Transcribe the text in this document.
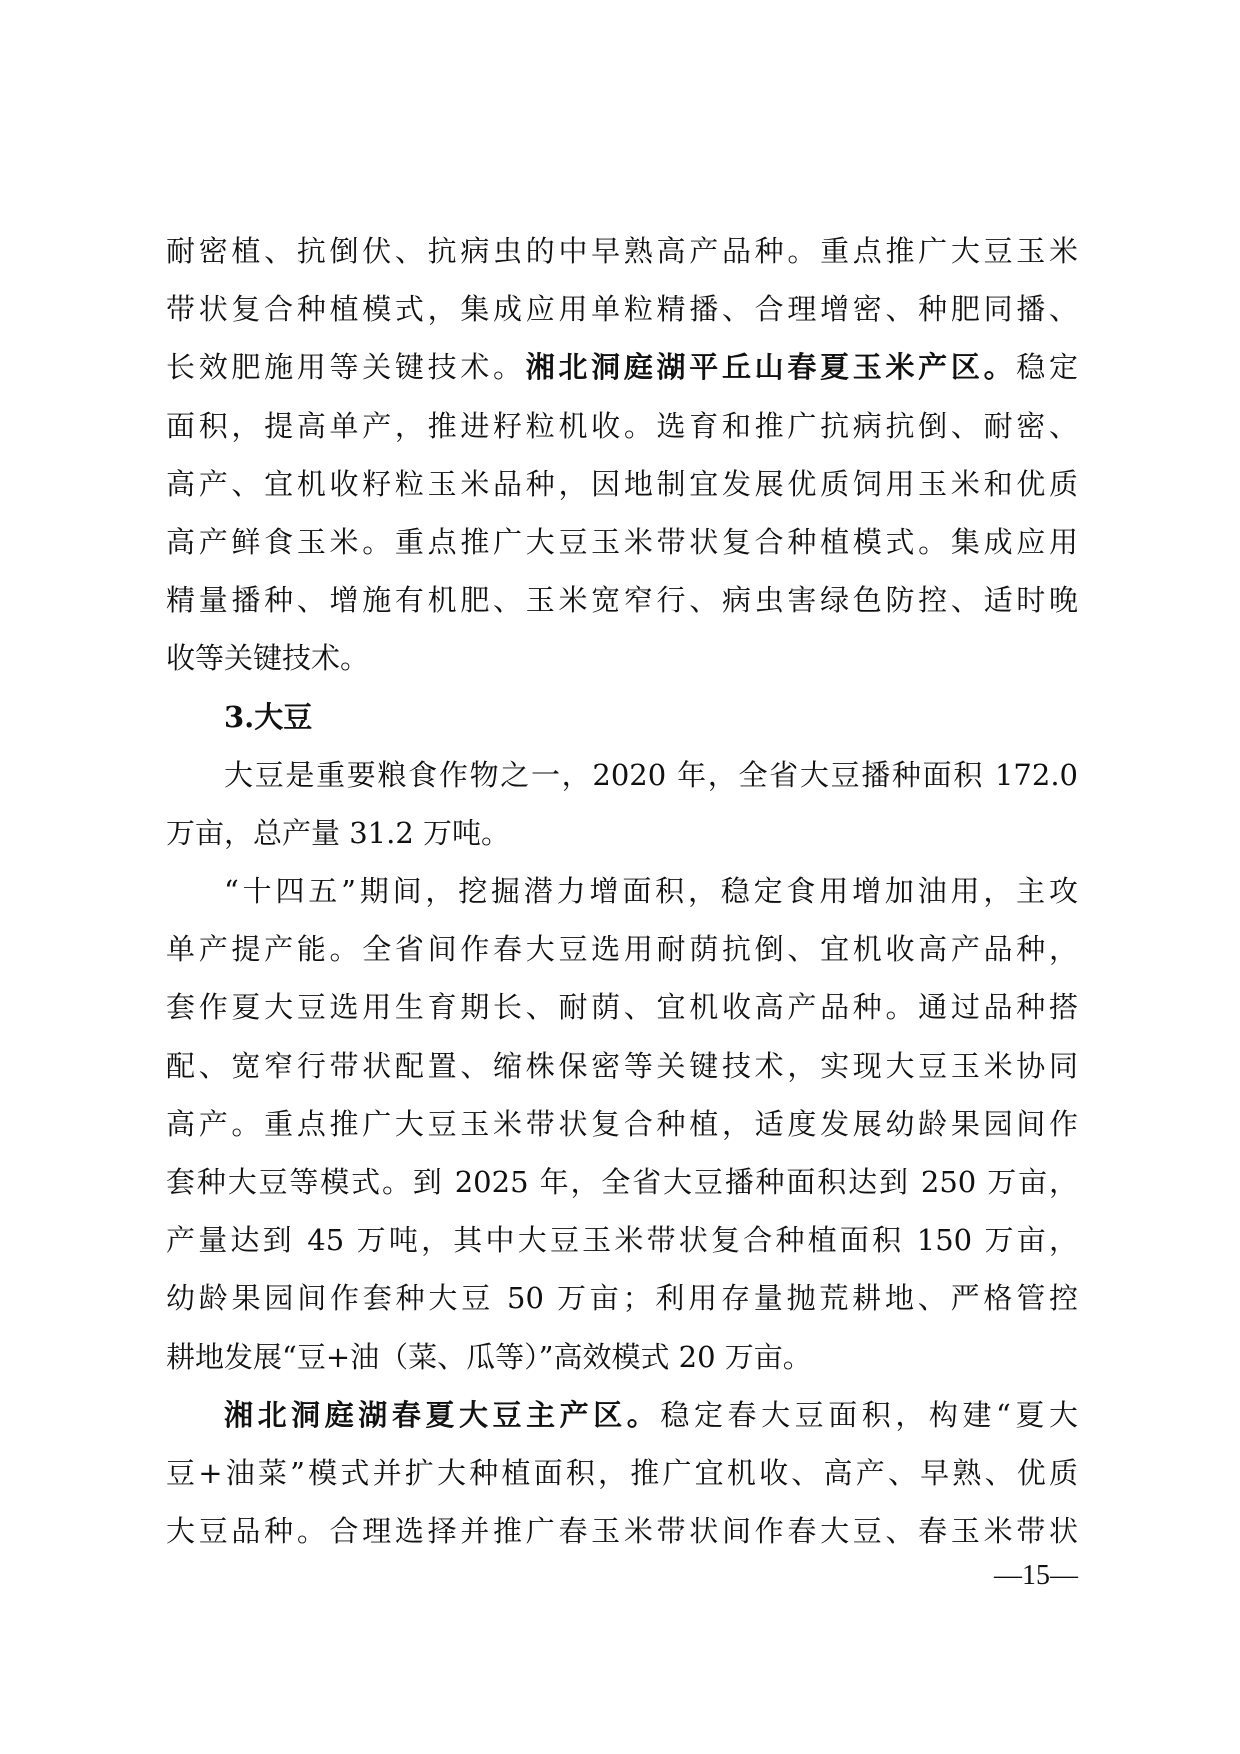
耐密植、抗倒伏、抗病虫的中早熟高产品种。重点推广大豆玉米
带状复合种植模式，集成应用单粒精播、合理增密、种肥同播、
长效肥施用等关键技术。湘北洞庭湖平丘山春夏玉米产区。稳定
面积，提高单产，推进籽粒机收。选育和推广抗病抗倒、耐密、
高产、宜机收籽粒玉米品种，因地制宜发展优质饲用玉米和优质
高产鲜食玉米。重点推广大豆玉米带状复合种植模式。集成应用
精量播种、增施有机肥、玉米宽窄行、病虫害绿色防控、适时晚
收等关键技术。
3.大豆
大豆是重要粮食作物之一，2020 年，全省大豆播种面积 172.0
万亩，总产量 31.2 万吨。
“十四五”期间，挖掘潜力增面积，稳定食用增加油用，主攻
单产提产能。全省间作春大豆选用耐荫抗倒、宜机收高产品种，
套作夏大豆选用生育期长、耐荫、宜机收高产品种。通过品种搭
配、宽窄行带状配置、缩株保密等关键技术，实现大豆玉米协同
高产。重点推广大豆玉米带状复合种植，适度发展幼龄果园间作
套种大豆等模式。到 2025 年，全省大豆播种面积达到 250 万亩，
产量达到 45 万吨，其中大豆玉米带状复合种植面积 150 万亩，
幼龄果园间作套种大豆 50 万亩；利用存量抛荒耕地、严格管控
耕地发展“豆+油（菜、瓜等）”高效模式 20 万亩。
湘北洞庭湖春夏大豆主产区。稳定春大豆面积，构建“夏大
豆+油菜”模式并扩大种植面积，推广宜机收、高产、早熟、优质
大豆品种。合理选择并推广春玉米带状间作春大豆、春玉米带状
—15—
